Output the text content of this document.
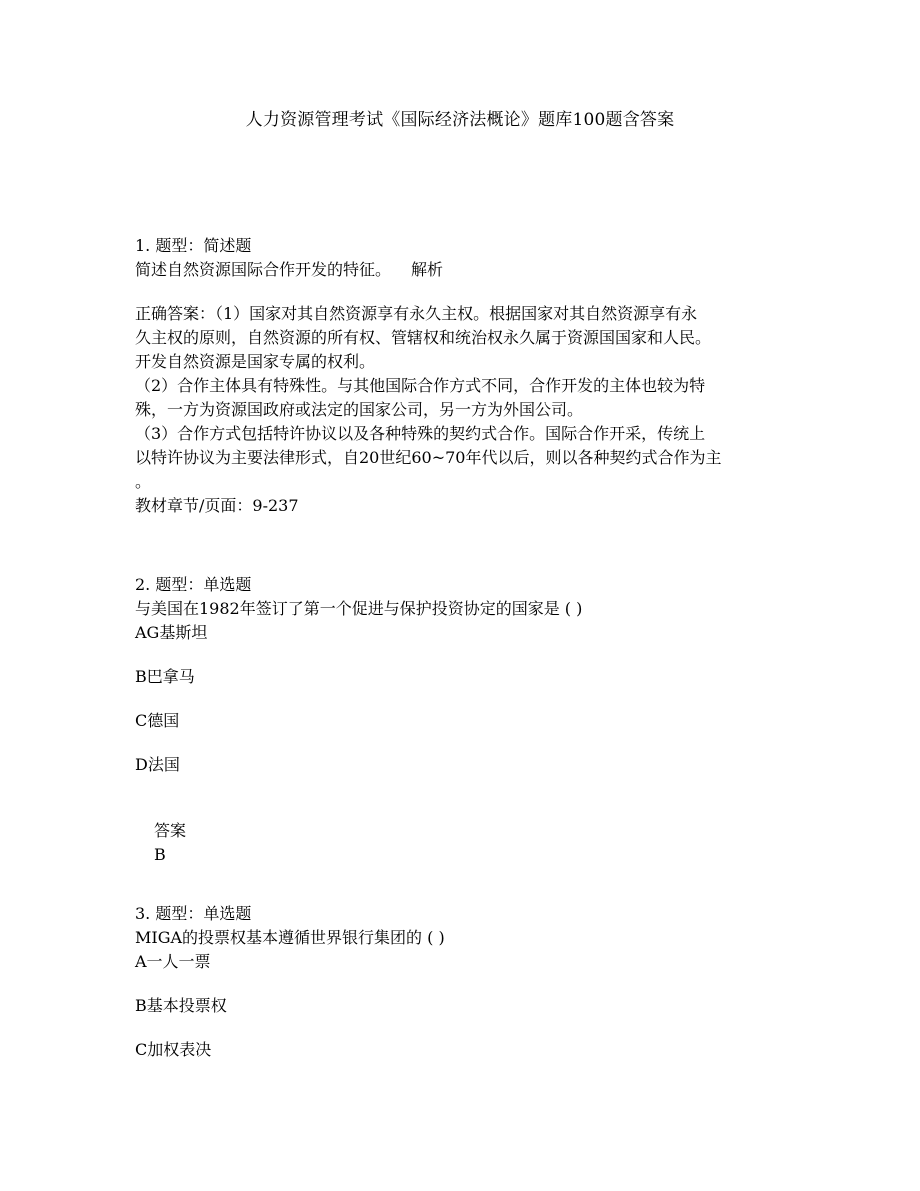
人力资源管理考试《国际经济法概论》题库100题含答案
1. 题型：简述题
简述自然资源国际合作开发的特征。 解析
正确答案：（1）国家对其自然资源享有永久主权。根据国家对其自然资源享有永
久主权的原则，自然资源的所有权、管辖权和统治权永久属于资源国国家和人民。
开发自然资源是国家专属的权利。
（2）合作主体具有特殊性。与其他国际合作方式不同，合作开发的主体也较为特
殊，一方为资源国政府或法定的国家公司，另一方为外国公司。
（3）合作方式包括特许协议以及各种特殊的契约式合作。国际合作开采，传统上
以特许协议为主要法律形式，自20世纪60~70年代以后，则以各种契约式合作为主
。
教材章节/页面：9-237
2. 题型：单选题
与美国在1982年签订了第一个促进与保护投资协定的国家是 ( )
AG基斯坦
B巴拿马
C德国
D法国
答案
B
3. 题型：单选题
MIGA的投票权基本遵循世界银行集团的 ( )
A一人一票
B基本投票权
C加权表决
